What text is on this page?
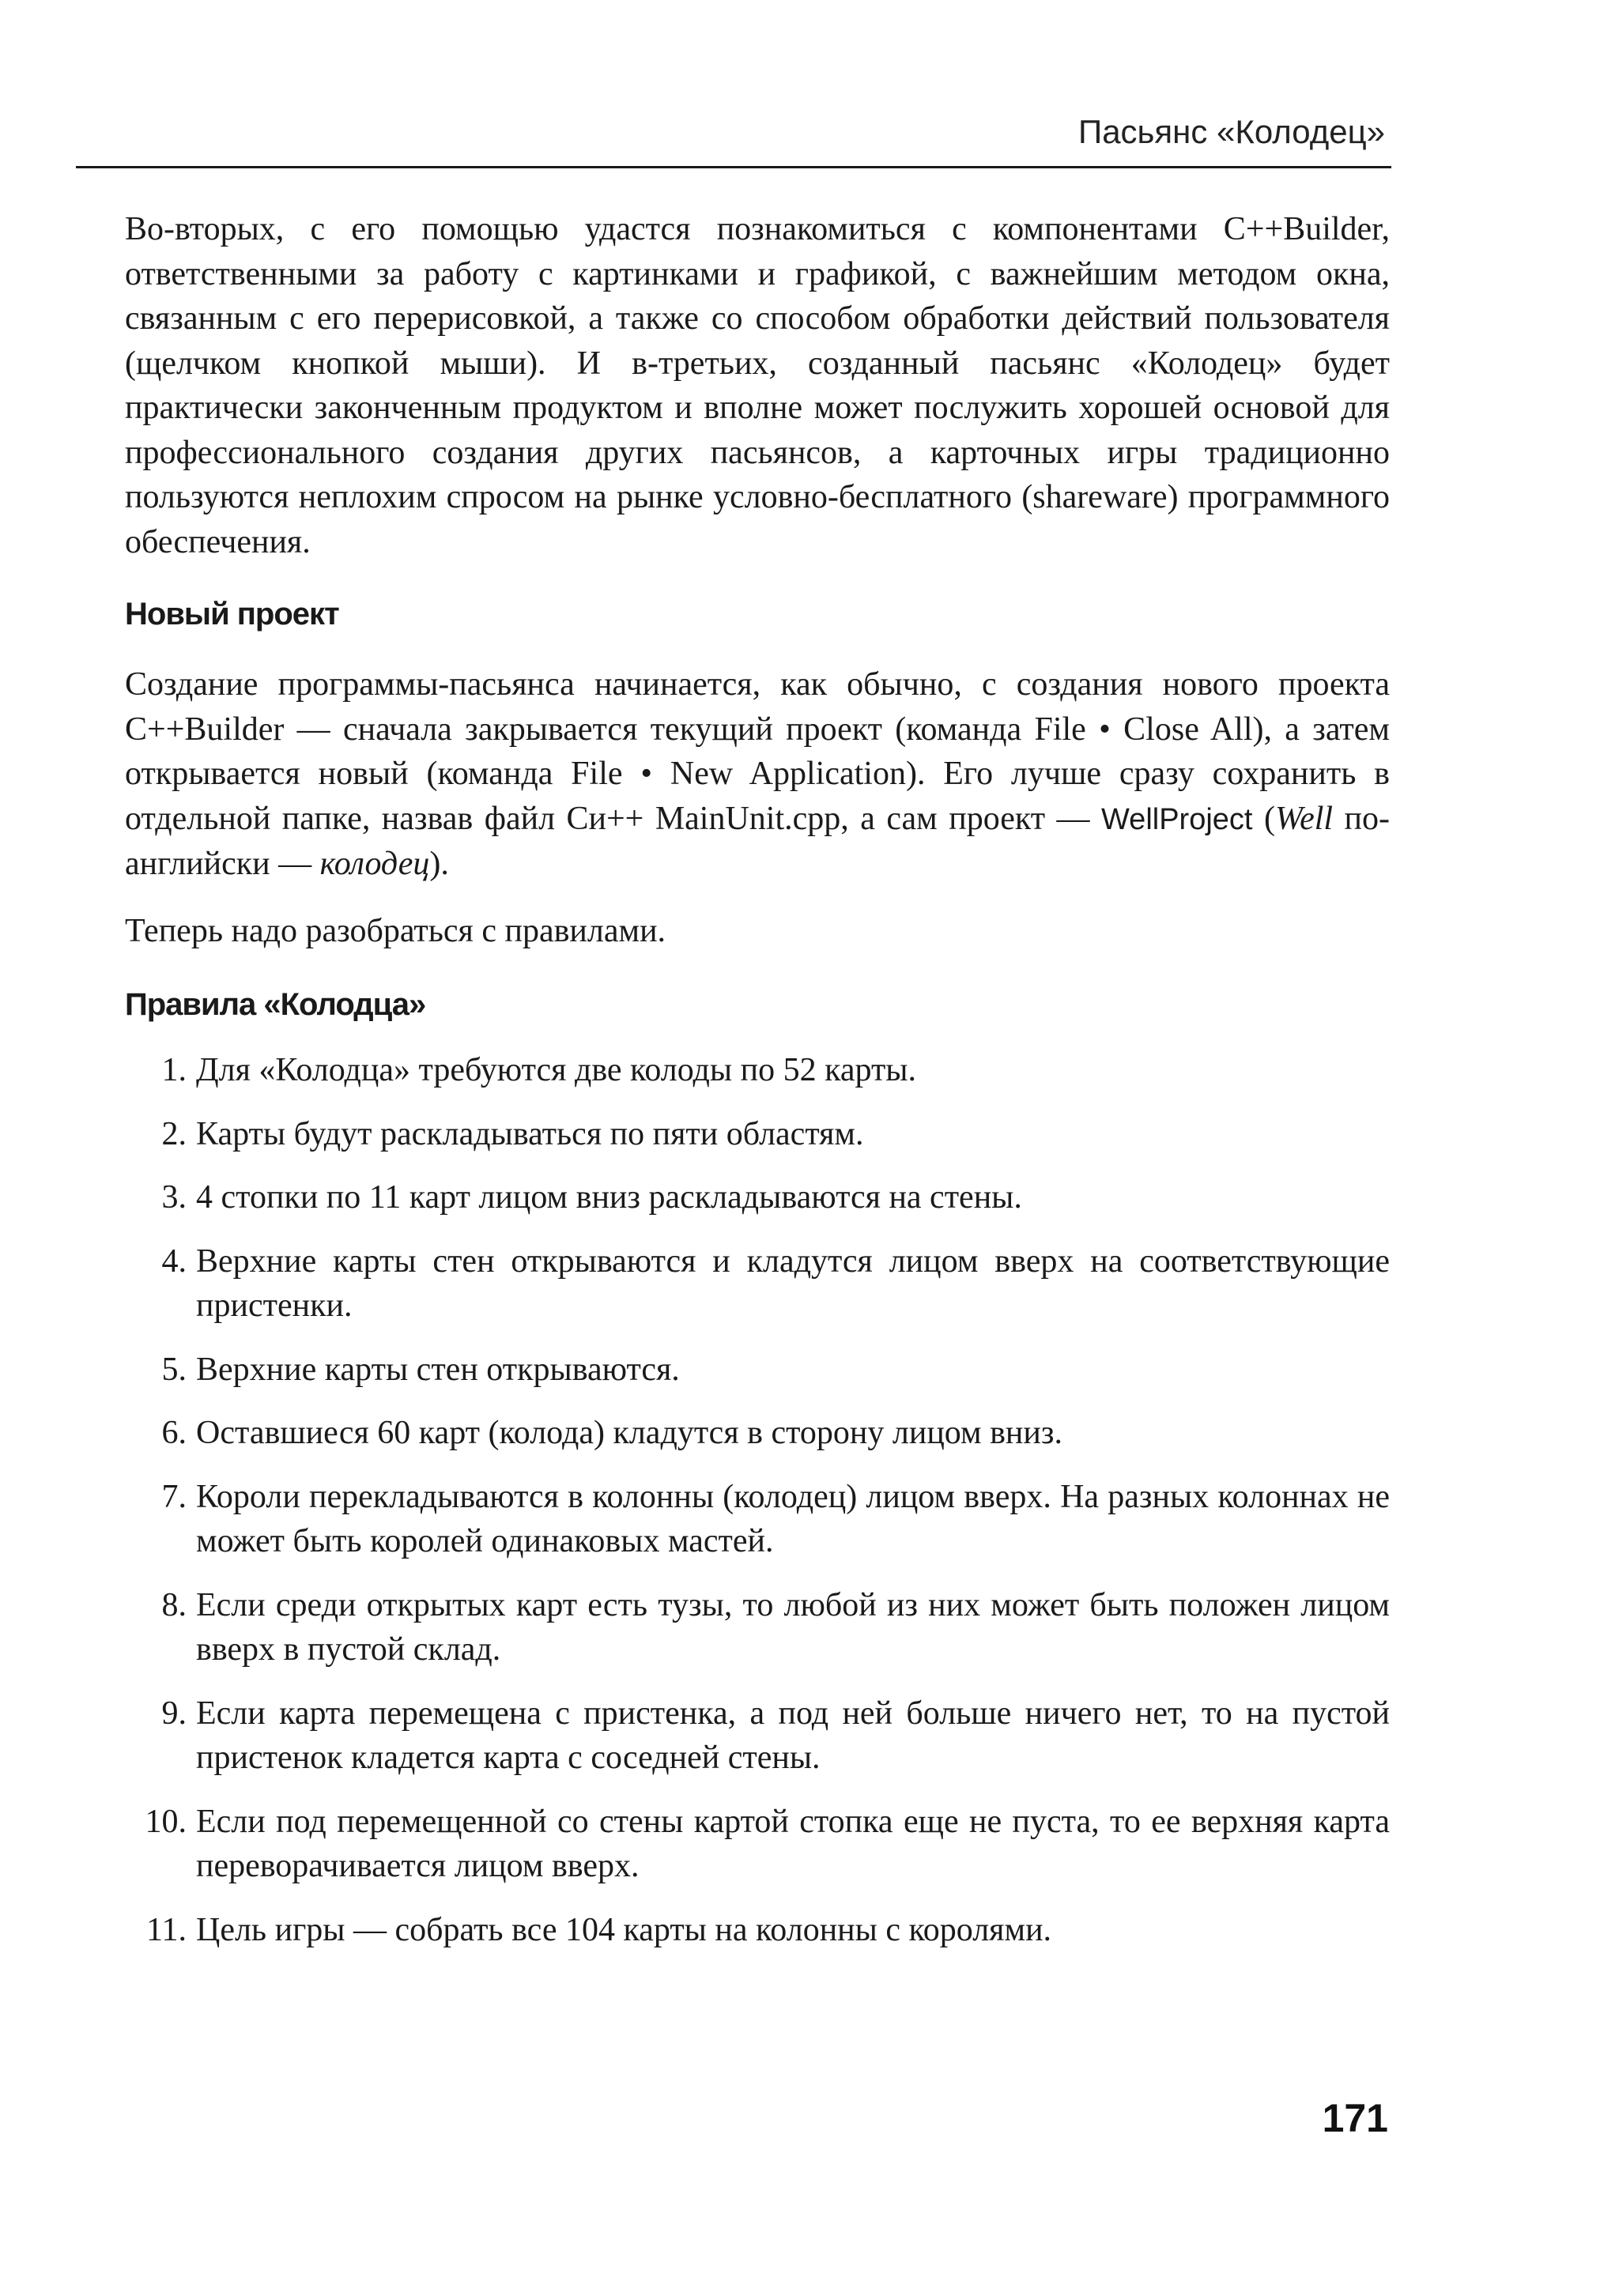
Пасьянс «Колодец»

Во-вторых, с его помощью удастся познакомиться с компонентами C++Builder, ответственными за работу с картинками и графикой, с важнейшим методом окна, связанным с его перерисовкой, а также со способом обработки действий пользователя (щелчком кнопкой мыши). И в-третьих, созданный пасьянс «Колодец» будет практически законченным продуктом и вполне может послужить хорошей основой для профессионального создания других пасьянсов, а карточных игры традиционно пользуются неплохим спросом на рынке условно-бесплатного (shareware) программного обеспечения.

Новый проект

Создание программы-пасьянса начинается, как обычно, с создания нового проекта C++Builder — сначала закрывается текущий проект (команда File • Close All), а затем открывается новый (команда File • New Application). Его лучше сразу сохранить в отдельной папке, назвав файл Си++ MainUnit.cpp, а сам проект — WellProject (Well по-английски — колодец).

Теперь надо разобраться с правилами.

Правила «Колодца»
1. Для «Колодца» требуются две колоды по 52 карты.
2. Карты будут раскладываться по пяти областям.
3. 4 стопки по 11 карт лицом вниз раскладываются на стены.
4. Верхние карты стен открываются и кладутся лицом вверх на соответствующие пристенки.
5. Верхние карты стен открываются.
6. Оставшиеся 60 карт (колода) кладутся в сторону лицом вниз.
7. Короли перекладываются в колонны (колодец) лицом вверх. На разных колоннах не может быть королей одинаковых мастей.
8. Если среди открытых карт есть тузы, то любой из них может быть положен лицом вверх в пустой склад.
9. Если карта перемещена с пристенка, а под ней больше ничего нет, то на пустой пристенок кладется карта с соседней стены.
10. Если под перемещенной со стены картой стопка еще не пуста, то ее верхняя карта переворачивается лицом вверх.
11. Цель игры — собрать все 104 карты на колонны с королями.
171
